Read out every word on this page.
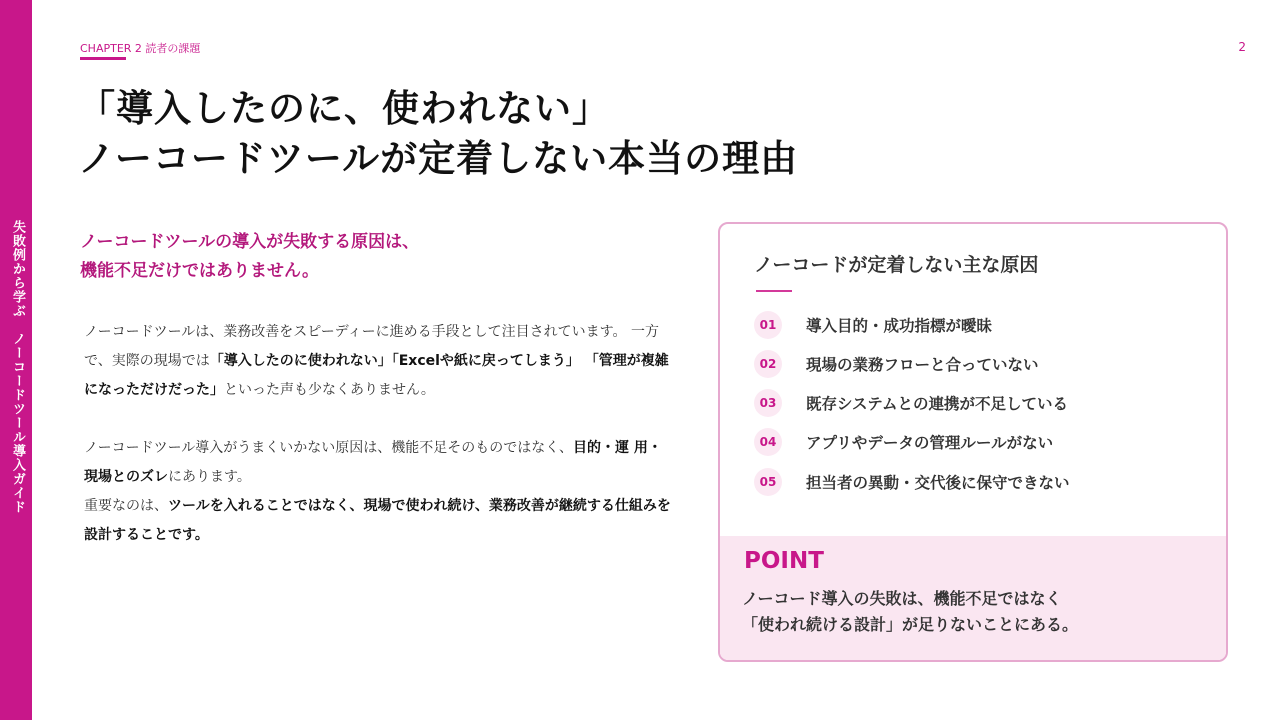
失敗例から学ぶ　ノーコードツール導入ガイド
CHAPTER 2 読者の課題	2
「導入したのに、使われない」
ノーコードツールが定着しない本当の理由

ノーコードツールの導入が失敗する原因は、
機能不足だけではありません。

ノーコードツールは、業務改善をスピーディーに進める手段として注目されています。 一方で、実際の現場では「導入したのに使われない」「Excelや紙に戻ってしまう」 「管理が複雑になっただけだった」といった声も少なくありません。

ノーコードツール導入がうまくいかない原因は、機能不足そのものではなく、目的・運 用・現場とのズレにあります。
重要なのは、ツールを入れることではなく、現場で使われ続け、業務改善が継続する仕組みを設計することです。

ノーコードが定着しない主な原因
01	導入目的・成功指標が曖昧
02	現場の業務フローと合っていない
03	既存システムとの連携が不足している
04	アプリやデータの管理ルールがない
05	担当者の異動・交代後に保守できない
POINT

ノーコード導入の失敗は、機能不足ではなく
「使われ続ける設計」が足りないことにある。
